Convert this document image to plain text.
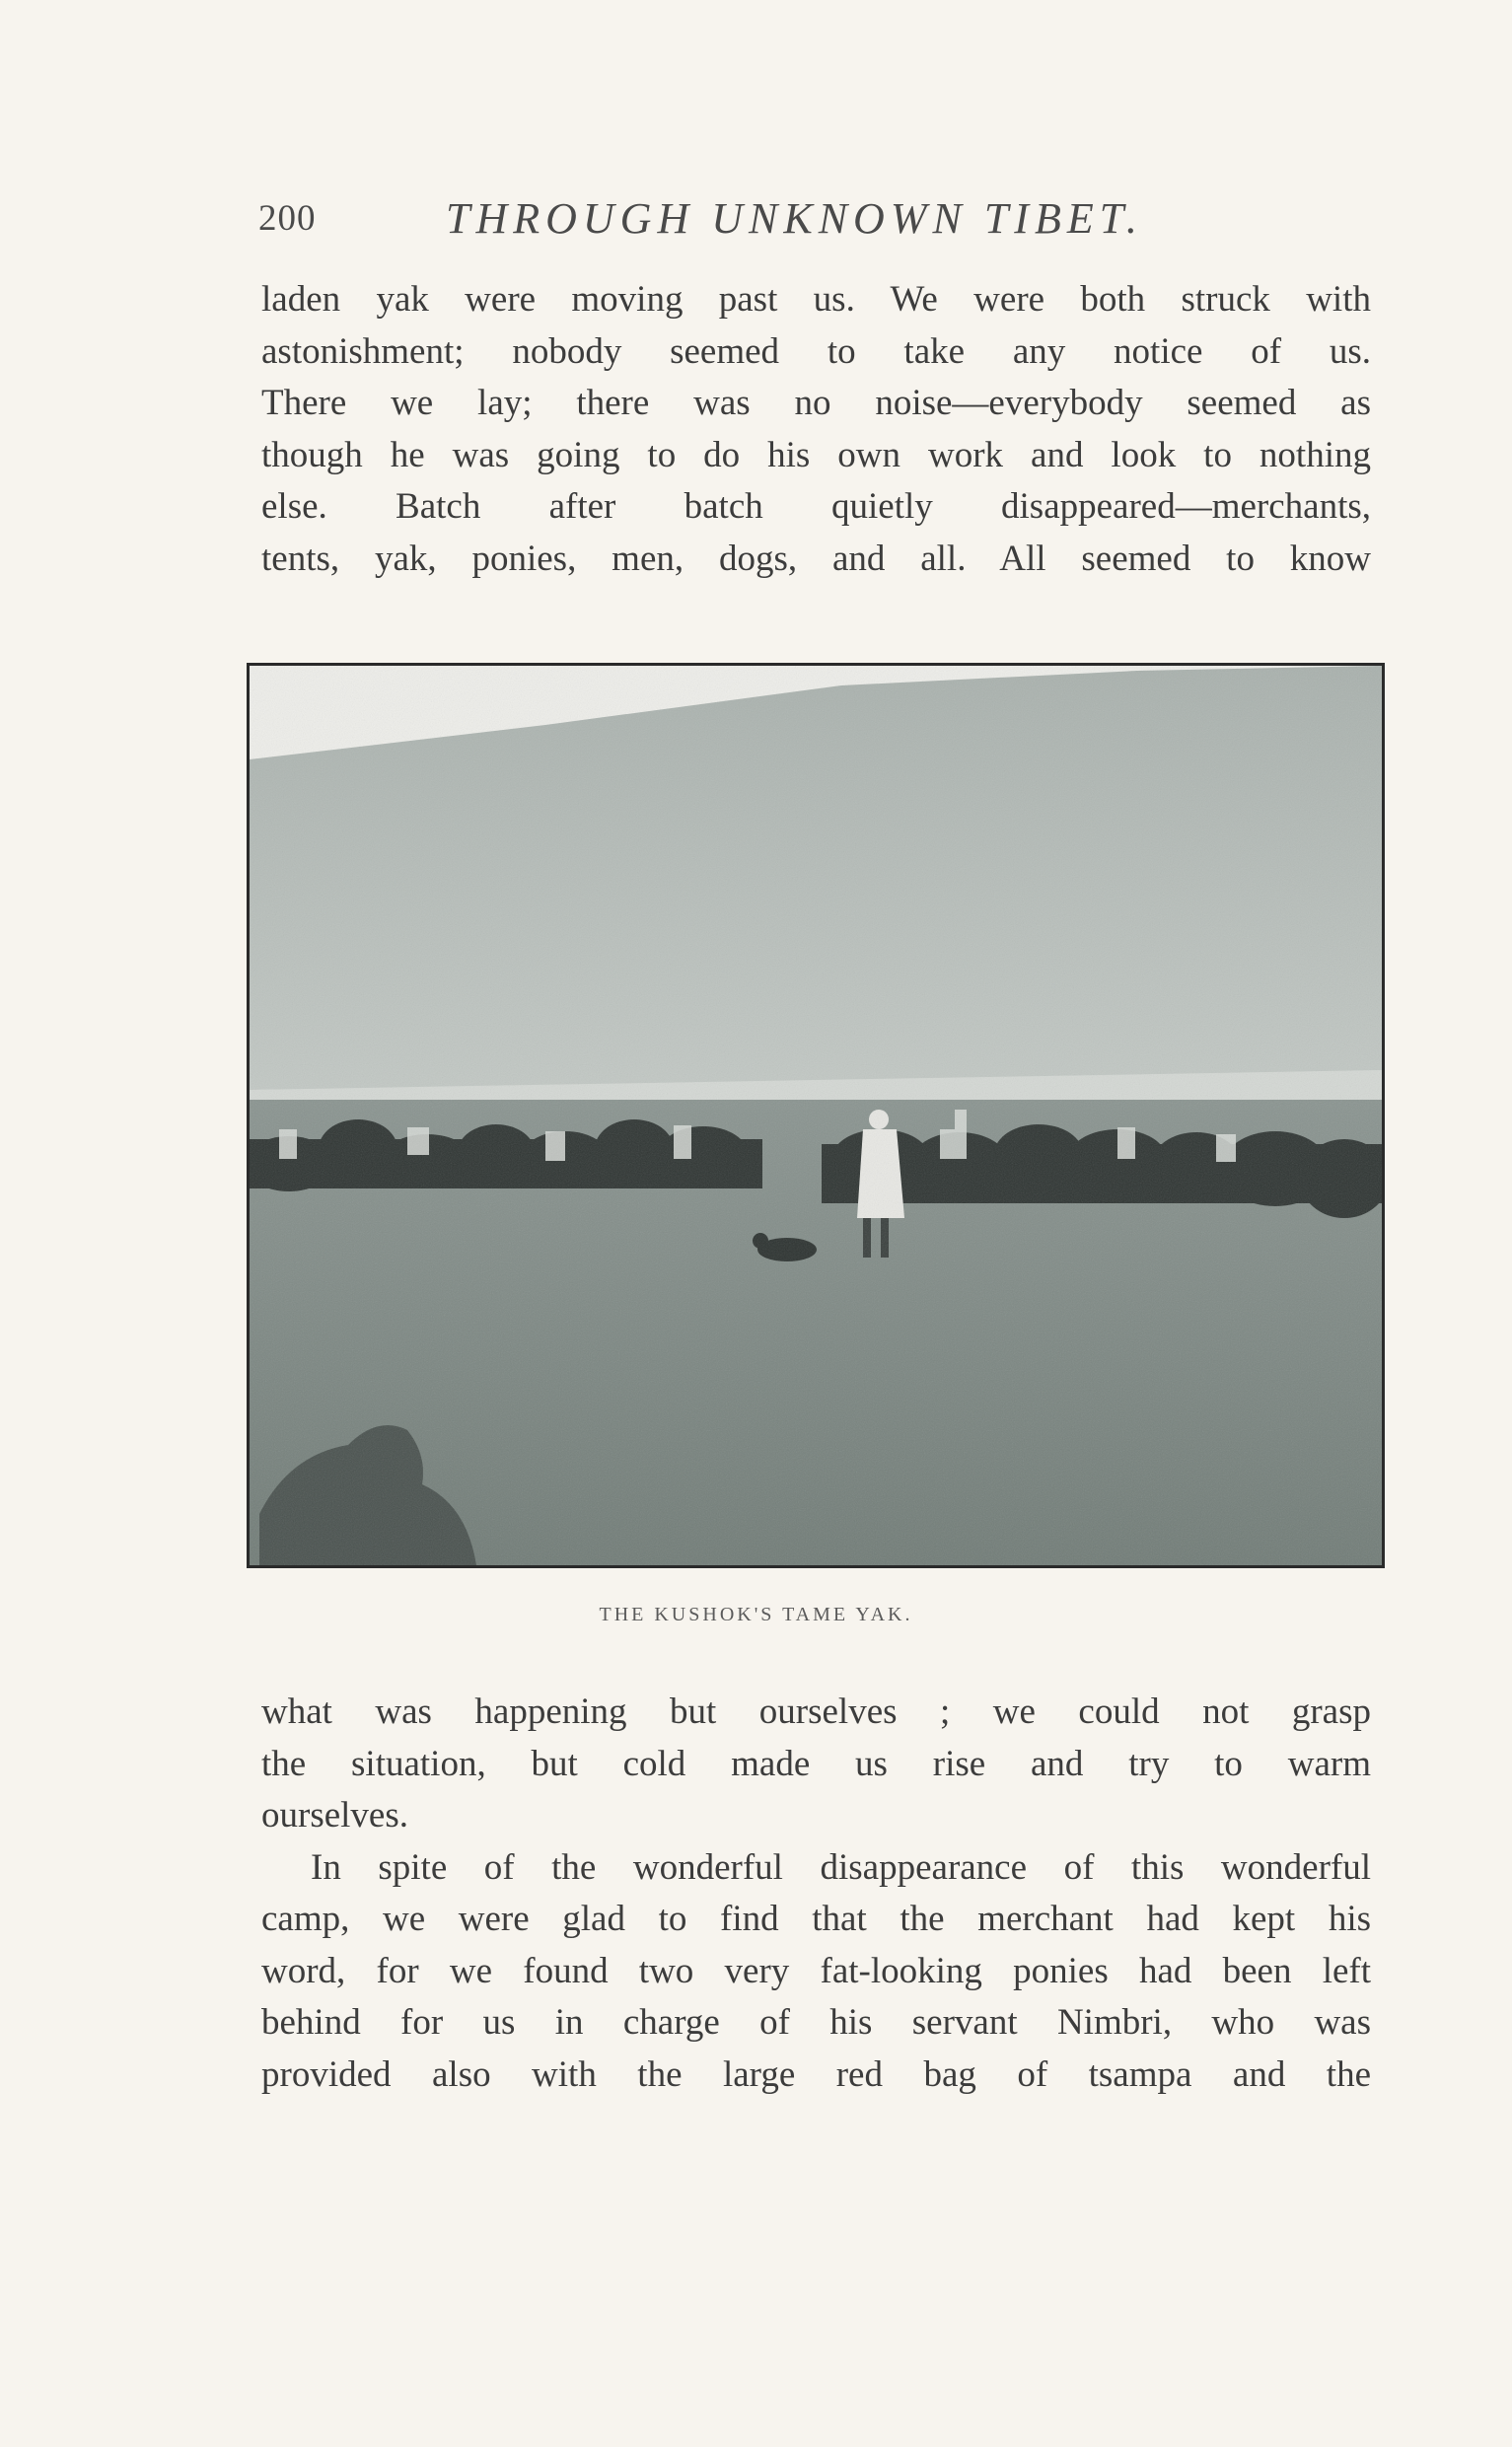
200	THROUGH UNKNOWN TIBET.
laden yak were moving past us. We were both struck with
astonishment; nobody seemed to take any notice of us.
There we lay; there was no noise—everybody seemed as
though he was going to do his own work and look to nothing
else. Batch after batch quietly disappeared—merchants,
tents, yak, ponies, men, dogs, and all. All seemed to know
THE KUSHOK'S TAME YAK.
what was happening but ourselves ; we could not grasp
the situation, but cold made us rise and try to warm
ourselves.
In spite of the wonderful disappearance of this wonderful
camp, we were glad to find that the merchant had kept his
word, for we found two very fat-looking ponies had been left
behind for us in charge of his servant Nimbri, who was
provided also with the large red bag of tsampa and the
